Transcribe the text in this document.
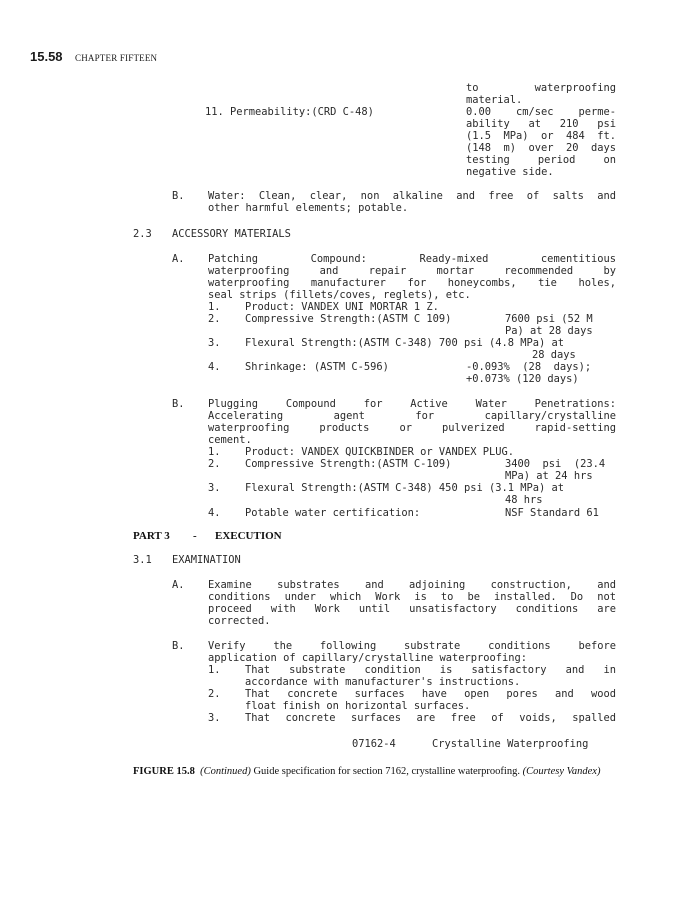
15.58 CHAPTER FIFTEEN
11. Permeability:(CRD C-48)
to waterproofing
material.
0.00 cm/sec perme-
ability at 210 psi
(1.5 MPa) or 484 ft.
(148 m) over 20 days
testing period on
negative side.
B. Water: Clean, clear, non alkaline and free of salts and
other harmful elements; potable.
2.3 ACCESSORY MATERIALS
A. Patching Compound: Ready-mixed cementitious
waterproofing and repair mortar recommended by
waterproofing manufacturer for honeycombs, tie holes,
seal strips (fillets/coves, reglets), etc.
1. Product: VANDEX UNI MORTAR 1 Z.
2. Compressive Strength:(ASTM C 109)	7600 psi (52 M
Pa) at 28 days
3. Flexural Strength:(ASTM C-348) 700 psi (4.8 MPa) at
28 days
4. Shrinkage: (ASTM C-596)	-0.093%  (28  days);
+0.073% (120 days)
B. Plugging Compound for Active Water Penetrations:
Accelerating agent for capillary/crystalline
waterproofing products or pulverized rapid-setting
cement.
1. Product: VANDEX QUICKBINDER or VANDEX PLUG.
2. Compressive Strength:(ASTM C-109)	3400  psi  (23.4
MPa) at 24 hrs
3. Flexural Strength:(ASTM C-348) 450 psi (3.1 MPa) at
48 hrs
4. Potable water certification:	NSF Standard 61
PART 3 - EXECUTION
3.1 EXAMINATION
A. Examine substrates and adjoining construction, and
conditions under which Work is to be installed. Do not
proceed with Work until unsatisfactory conditions are
corrected.
B. Verify the following substrate conditions before
application of capillary/crystalline waterproofing:
1. That substrate condition is satisfactory and in
accordance with manufacturer's instructions.
2. That concrete surfaces have open pores and wood
float finish on horizontal surfaces.
3. That concrete surfaces are free of voids, spalled
07162-4	Crystalline Waterproofing
FIGURE 15.8 (Continued) Guide specification for section 7162, crystalline waterproofing. (Courtesy Vandex)
